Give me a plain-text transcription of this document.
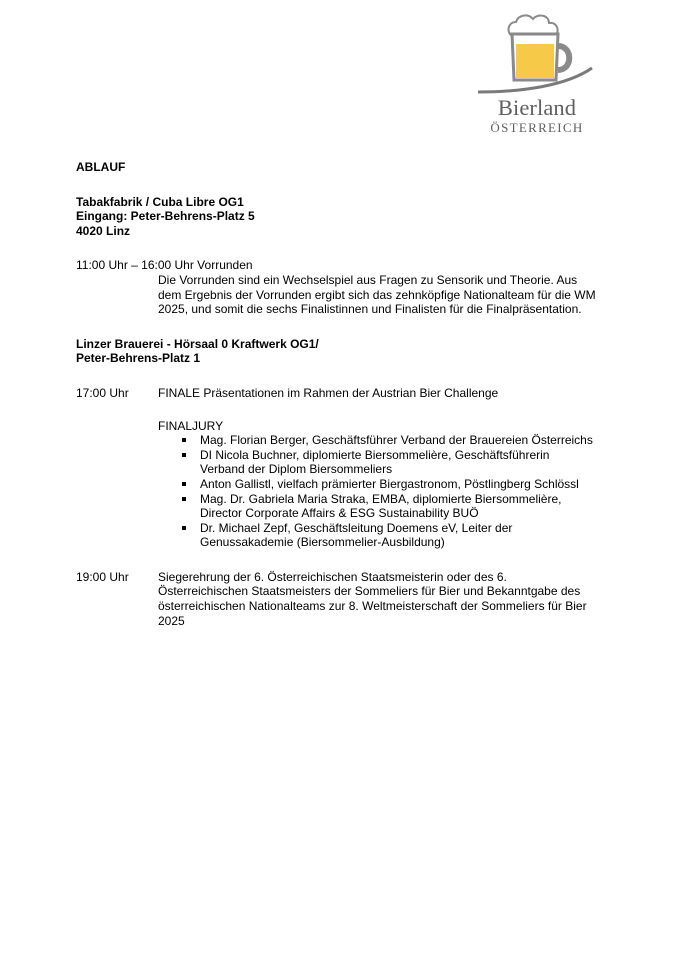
Bierland
ÖSTERREICH

ABLAUF

Tabakfabrik / Cuba Libre OG1
Eingang: Peter-Behrens-Platz 5
4020 Linz
11:00 Uhr – 16:00 Uhr Vorrunden
Die Vorrunden sind ein Wechselspiel aus Fragen zu Sensorik und Theorie. Aus dem Ergebnis der Vorrunden ergibt sich das zehnköpfige Nationalteam für die WM 2025, und somit die sechs Finalistinnen und Finalisten für die Finalpräsentation.
Linzer Brauerei - Hörsaal 0 Kraftwerk OG1/
Peter-Behrens-Platz 1
17:00 Uhr	FINALE Präsentationen im Rahmen der Austrian Bier Challenge
FINALJURY
Mag. Florian Berger, Geschäftsführer Verband der Brauereien Österreichs
DI Nicola Buchner, diplomierte Biersommelière, Geschäftsführerin Verband der Diplom Biersommeliers
Anton Gallistl, vielfach prämierter Biergastronom, Pöstlingberg Schlössl
Mag. Dr. Gabriela Maria Straka, EMBA, diplomierte Biersommelière, Director Corporate Affairs & ESG Sustainability BUÖ
Dr. Michael Zepf, Geschäftsleitung Doemens eV, Leiter der Genussakademie (Biersommelier-Ausbildung)
19:00 Uhr	Siegerehrung der 6. Österreichischen Staatsmeisterin oder des 6. Österreichischen Staatsmeisters der Sommeliers für Bier und Bekanntgabe des österreichischen Nationalteams zur 8. Weltmeisterschaft der Sommeliers für Bier 2025
